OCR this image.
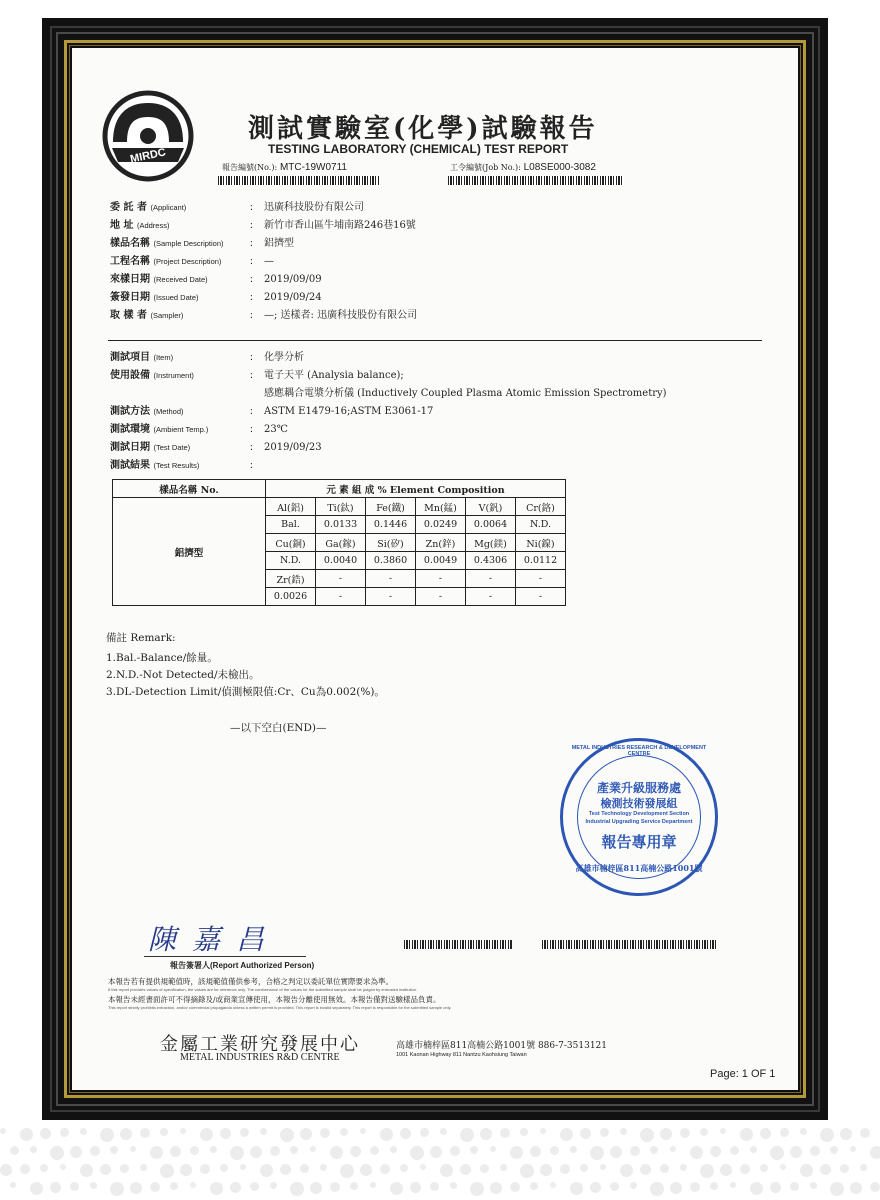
MIRDC
測試實驗室(化學)試驗報告
TESTING LABORATORY (CHEMICAL) TEST REPORT
報告編號(No.): MTC-19W0711	工令編號(Job No.): L08SE000-3082
委 託 者 (Applicant)	:	迅廣科技股份有限公司
地 址 (Address)	:	新竹市香山區牛埔南路246巷16號
樣品名稱 (Sample Description)	:	鋁擠型
工程名稱 (Project Description)	:	—
來樣日期 (Received Date)	:	2019/09/09
簽發日期 (Issued Date)	:	2019/09/24
取 樣 者 (Sampler)	:	—; 送樣者: 迅廣科技股份有限公司
測試項目 (Item)	:	化學分析
使用設備 (Instrument)	:	電子天平 (Analysia balance);
感應耦合電漿分析儀 (Inductively Coupled Plasma Atomic Emission Spectrometry)
測試方法 (Method)	:	ASTM E1479-16;ASTM E3061-17
測試環境 (Ambient Temp.)	:	23℃
測試日期 (Test Date)	:	2019/09/23
測試結果 (Test Results)	:
樣品名稱 No.	元 素 組 成 % Element Composition					
鋁擠型	Al(鋁)	Ti(鈦)	Fe(鐵)	Mn(錳)	V(釩)	Cr(鉻)
	Bal.	0.0133	0.1446	0.0249	0.0064	N.D.
	Cu(銅)	Ga(鎵)	Si(矽)	Zn(鋅)	Mg(鎂)	Ni(鎳)
	N.D.	0.0040	0.3860	0.0049	0.4306	0.0112
	Zr(鋯)	-	-	-	-	-
	0.0026	-	-	-	-	-
備註 Remark:
1.Bal.-Balance/餘量。
2.N.D.-Not Detected/未檢出。
3.DL-Detection Limit/偵測極限值:Cr、Cu為0.002(%)。
—以下空白(END)—
METAL INDUSTRIES RESEARCH & DEVELOPMENT CENTRE
產業升級服務處
檢測技術發展組
Test Technology Development Section
Industrial Upgrading Service Department
報告專用章
高雄市楠梓區811高楠公路1001號
陳嘉昌
報告簽署人(Report Authorized Person)
本報告若有提供規範值時，該規範值僅供參考，合格之判定以委託單位實際要求為準。
If this report provides values of specification, the values are for reference only. The conformance of the values for the submitted sample shall be judged by entrusted institution.
本報告未經書面許可不得摘錄及/或商業宣傳使用，本報告分離使用無效。本報告僅對送驗樣品負責。
This report strictly prohibits extraction, and/or commercial propaganda unless a written permit is provided. This report is invalid separately. This report is responsible for the submitted sample only.
金屬工業研究發展中心
METAL INDUSTRIES R&D CENTRE
高雄市楠梓區811高楠公路1001號 886-7-3513121
1001 Kaonan Highway 811 Nantzu Kaohsiung Taiwan
Page: 1 OF 1
